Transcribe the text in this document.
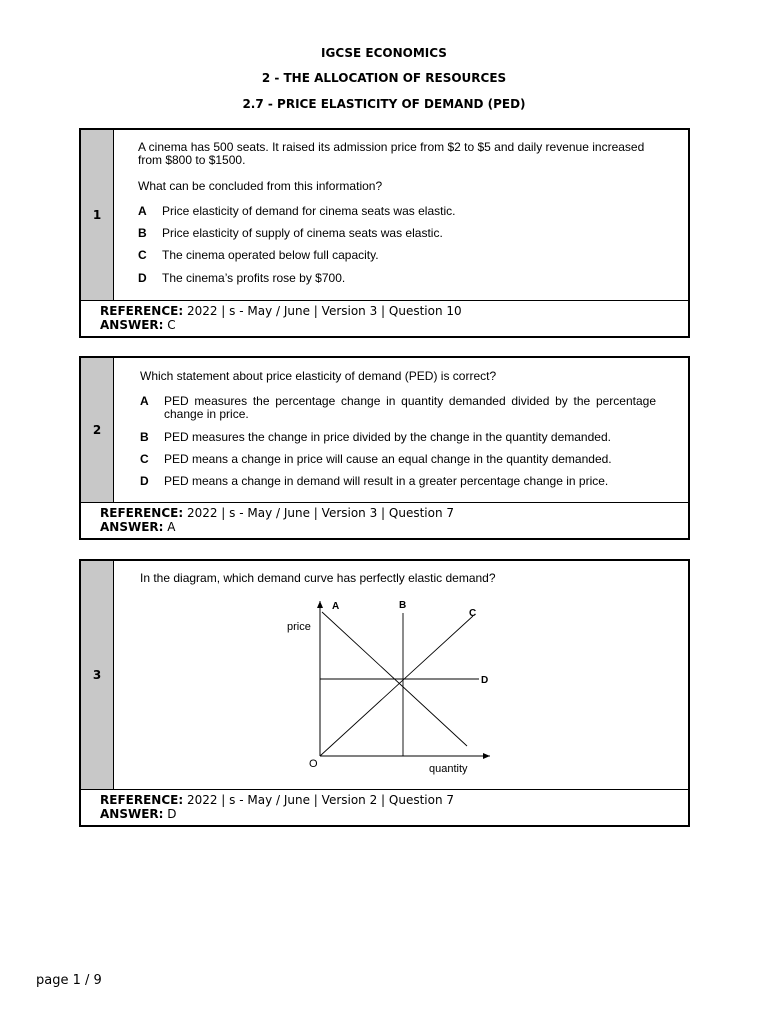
IGCSE ECONOMICS
2 - THE ALLOCATION OF RESOURCES
2.7 - PRICE ELASTICITY OF DEMAND (PED)
1
A cinema has 500 seats. It raised its admission price from $2 to $5 and daily revenue increased from $800 to $1500.
What can be concluded from this information?
A Price elasticity of demand for cinema seats was elastic.
B Price elasticity of supply of cinema seats was elastic.
C The cinema operated below full capacity.
D The cinema’s profits rose by $700.
REFERENCE: 2022 | s - May / June | Version 3 | Question 10
ANSWER: C
2
Which statement about price elasticity of demand (PED) is correct?
A PED measures the percentage change in quantity demanded divided by the percentage change in price.
B PED measures the change in price divided by the change in the quantity demanded.
C PED means a change in price will cause an equal change in the quantity demanded.
D PED means a change in demand will result in a greater percentage change in price.
REFERENCE: 2022 | s - May / June | Version 3 | Question 7
ANSWER: A
3
In the diagram, which demand curve has perfectly elastic demand?
price
quantity
O
A	B
C
D
REFERENCE: 2022 | s - May / June | Version 2 | Question 7
ANSWER: D
page 1 / 9
